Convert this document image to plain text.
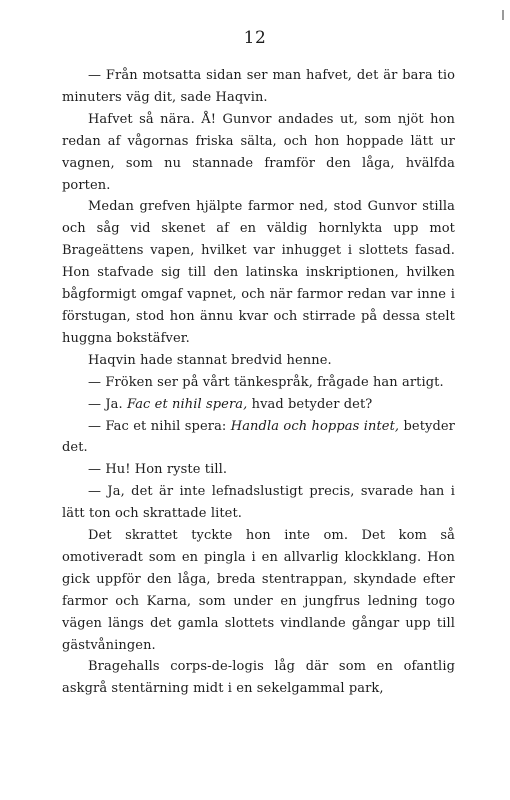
12

— Från motsatta sidan ser man hafvet, det är bara tio minuters väg dit, sade Haqvin.

Hafvet så nära. Å! Gunvor andades ut, som njöt hon redan af vågornas friska sälta, och hon hoppade lätt ur vagnen, som nu stannade framför den låga, hvälfda porten.

Medan grefven hjälpte farmor ned, stod Gunvor stilla och såg vid skenet af en väldig hornlykta upp mot Brageättens vapen, hvilket var inhugget i slottets fasad. Hon stafvade sig till den latinska inskriptionen, hvilken bågformigt omgaf vapnet, och när farmor redan var inne i förstugan, stod hon ännu kvar och stirrade på dessa stelt huggna bokstäfver.

Haqvin hade stannat bredvid henne.

— Fröken ser på vårt tänkespråk, frågade han artigt.

— Ja. Fac et nihil spera, hvad betyder det?

— Fac et nihil spera: Handla och hoppas intet, betyder det.

— Hu! Hon ryste till.

— Ja, det är inte lefnadslustigt precis, svarade han i lätt ton och skrattade litet.

Det skrattet tyckte hon inte om. Det kom så omotiveradt som en pingla i en allvarlig klockklang. Hon gick uppför den låga, breda stentrappan, skyndade efter farmor och Karna, som under en jungfrus ledning togo vägen längs det gamla slottets vindlande gångar upp till gästvåningen.

Bragehalls corps-de-logis låg där som en ofantlig askgrå stentärning midt i en sekelgammal park,
